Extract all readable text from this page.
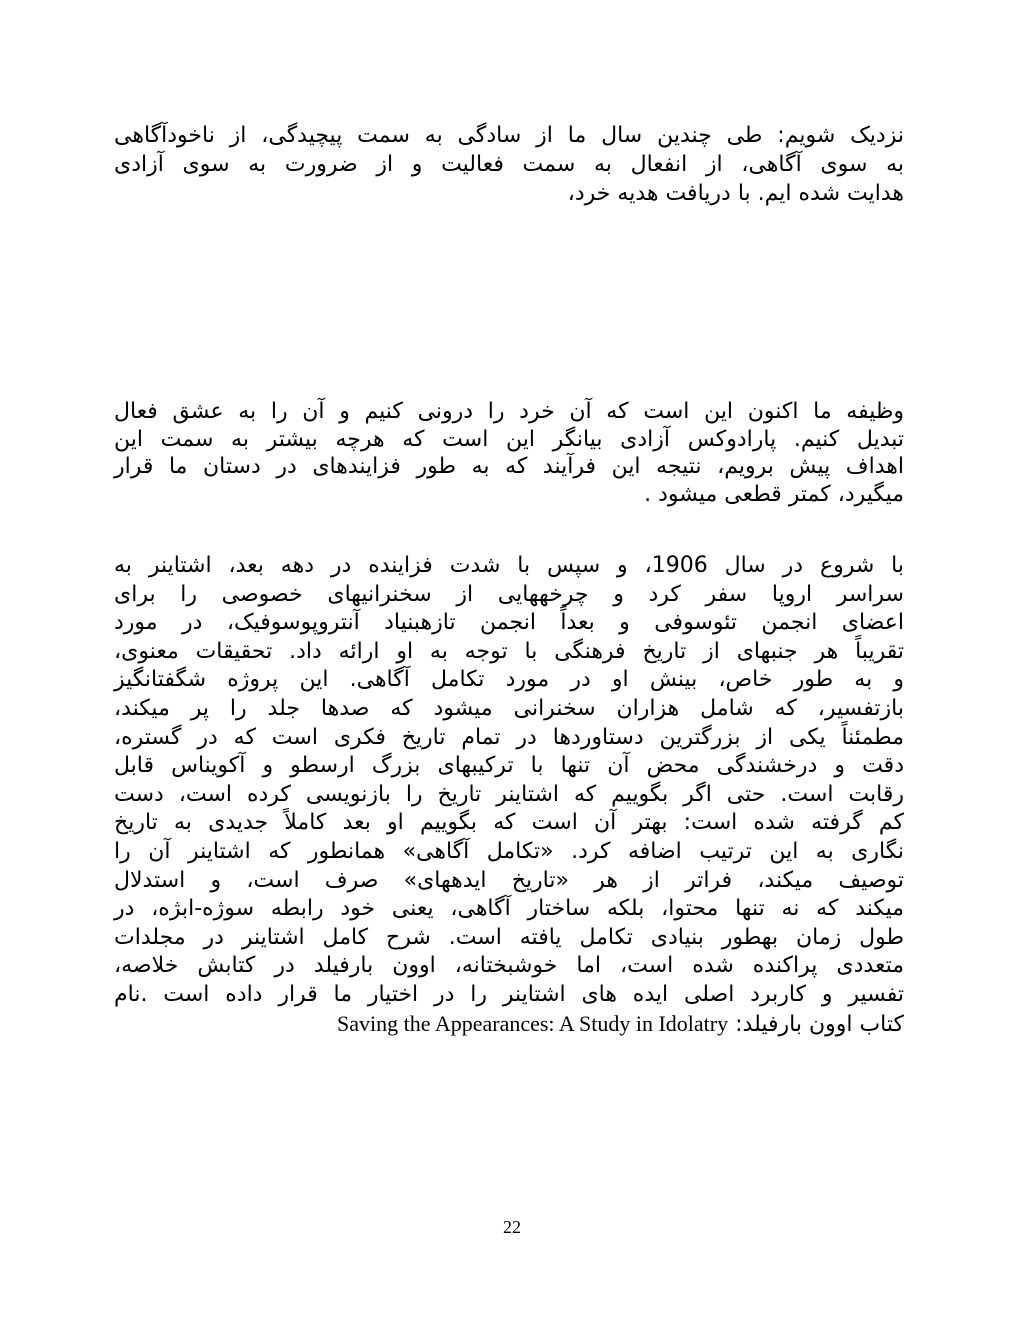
نزدیک شویم: طی چندین سال ما از سادگی به سمت پیچیدگی، از ناخودآگاهی
به سوی آگاهی، از انفعال به سمت فعالیت و از ضرورت به سوی آزادی
هدایت شده ایم. با دریافت هدیه خرد،
وظیفه ما اکنون این است که آن خرد را درونی کنیم و آن را به عشق فعال
تبدیل کنیم. پارادوکس آزادی بیانگر این است که هرچه بیشتر به سمت این
اهداف پیش برویم، نتیجه این فرآیند که به طور فزایندهای در دستان ما قرار
میگیرد، کمتر قطعی میشود .
با شروع در سال 1906، و سپس با شدت فزاینده در دهه بعد، اشتاینر به
سراسر اروپا سفر کرد و چرخههایی از سخنرانیهای خصوصی را برای
اعضای انجمن تئوسوفی و بعداً انجمن تازهبنیاد آنتروپوسوفیک، در مورد
تقریباً هر جنبهای از تاریخ فرهنگی با توجه به او ارائه داد. تحقیقات معنوی،
و به طور خاص، بینش او در مورد تکامل آگاهی. این پروژه شگفتانگیز
بازتفسیر، که شامل هزاران سخنرانی میشود که صدها جلد را پر میکند،
مطمئناً یکی از بزرگترین دستاوردها در تمام تاریخ فکری است که در گستره،
دقت و درخشندگی محض آن تنها با ترکیبهای بزرگ ارسطو و آکویناس قابل
رقابت است. حتی اگر بگوییم که اشتاینر تاریخ را بازنویسی کرده است، دست
کم گرفته شده است: بهتر آن است که بگوییم او بعد کاملاً جدیدی به تاریخ
نگاری به این ترتیب اضافه کرد. «تکامل آگاهی» همانطور که اشتاینر آن را
توصیف میکند، فراتر از هر «تاریخ ایدههای» صرف است، و استدلال
میکند که نه تنها محتوا، بلکه ساختار آگاهی، یعنی خود رابطه سوژه-ابژه، در
طول زمان بهطور بنیادی تکامل یافته است. شرح کامل اشتاینر در مجلدات
متعددی پراکنده شده است، اما خوشبختانه، اوون بارفیلد در کتابش خلاصه،
تفسیر و کاربرد اصلی ایده های اشتاینر را در اختیار ما قرار داده است .نام
کتاب اوون بارفیلد: Saving the Appearances: A Study in Idolatry
22
